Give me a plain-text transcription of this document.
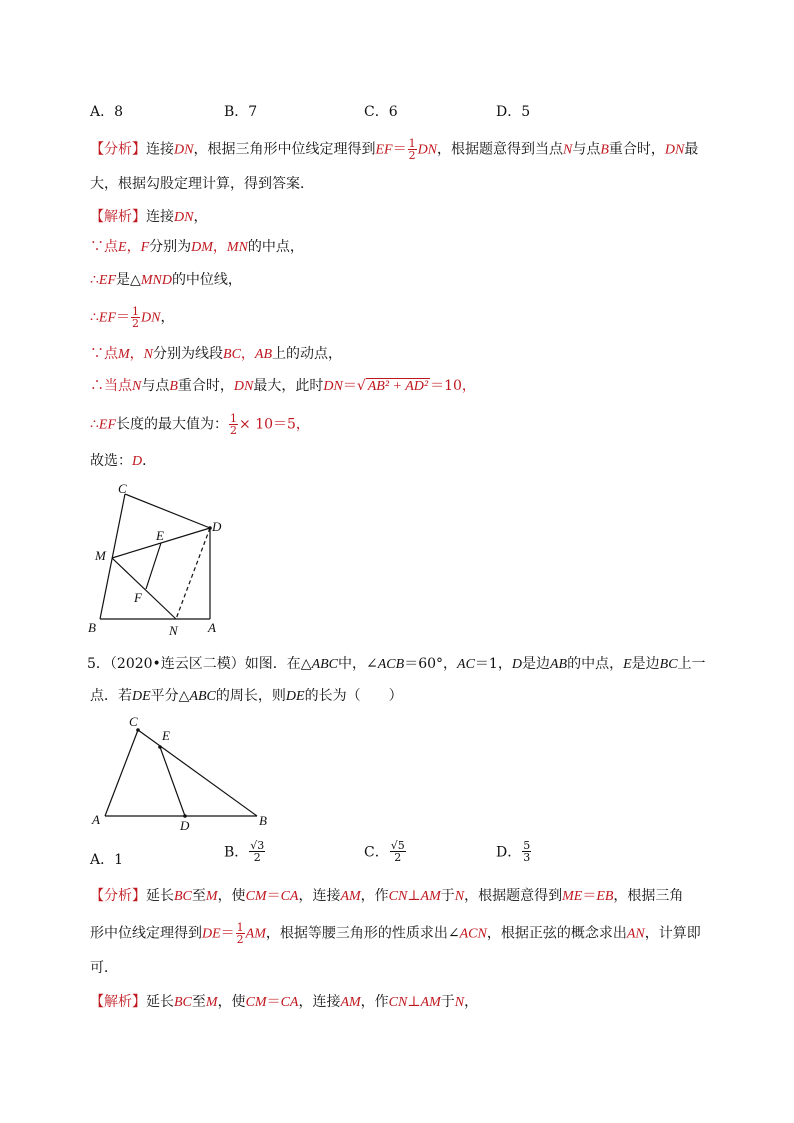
A．8	B．7	C．6	D．5
【分析】连接DN，根据三角形中位线定理得到$EF= \frac{1}{2}$ DN，根据题意得到当点N与点B重合时，DN最
大，根据勾股定理计算，得到答案．
【解析】连接DN，
∵点E，F分别为DM，MN的中点，
∴EF是△MND的中位线，
∴EF＝ $\frac{1}{2}$ DN，
∵点M，N分别为线段BC，AB上的动点，
∴当点N与点B重合时，DN最大，此时DN＝√ AB² + AD² ＝10，
∴EF长度的最大值为： $\frac{1}{2} \times 10=5$，
故选：D．
C
D
E
M
F
B	N A
5．（2020•连云区二模）如图．在△ABC中，∠ACB＝60°，AC＝1，D是边AB的中点，E是边BC上一
点．若DE平分△ABC的周长，则DE的长为（　　）
C
E
A	D	B
A．1	B． $\frac{√3}{2}$	C． $\frac{√5}{2}$	D． $\frac{5}{3}$
【分析】延长BC至M，使CM＝CA，连接AM，作CN⊥AM于N，根据题意得到ME＝EB，根据三角
形中位线定理得到$DE= \frac{1}{2}$ AM，根据等腰三角形的性质求出∠ACN，根据正弦的概念求出AN，计算即
可．
【解析】延长BC至M，使CM＝CA，连接AM，作CN⊥AM于N，
